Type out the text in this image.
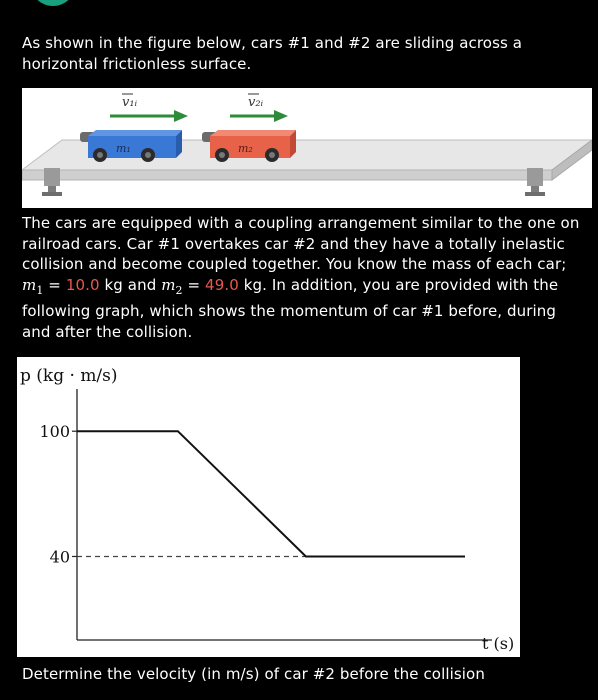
As shown in the figure below, cars #1 and #2 are sliding across a horizontal frictionless surface.

v₁ᵢ	v₂ᵢ
m₁	m₂

The cars are equipped with a coupling arrangement similar to the one on railroad cars. Car #1 overtakes car #2 and they have a totally inelastic collision and become coupled together. You know the mass of each car; $m_1 = 10.0$ kg and $m_2 = 49.0$ kg. In addition, you are provided with the following graph, which shows the momentum of car #1 before, during and after the collision.

p (kg · m/s)
t (s)
100
40

Determine the velocity (in m/s) of car #2 before the collision
